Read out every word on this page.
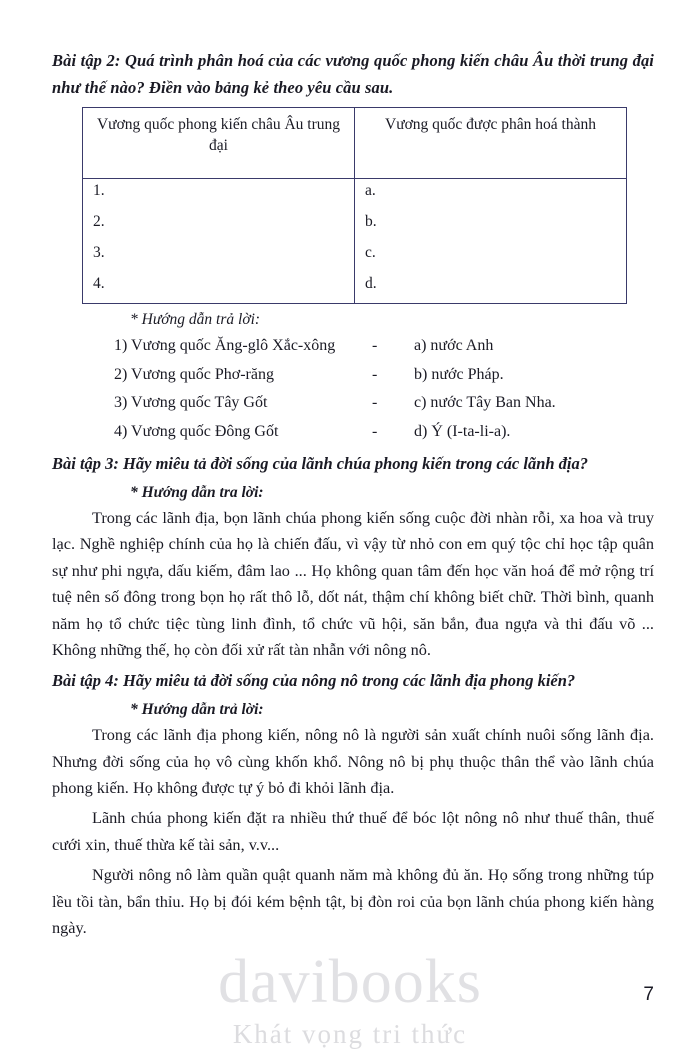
Bài tập 2: Quá trình phân hoá của các vương quốc phong kiến châu Âu thời trung đại như thế nào? Điền vào bảng kẻ theo yêu cầu sau.

Vương quốc phong kiến châu Âu trung đại	Vương quốc được phân hoá thành
1.	a.
2.	b.
3.	c.
4.	d.

* Hướng dẫn trả lời:

1) Vương quốc Ăng-glô Xắc-xông	-	a) nước Anh
2) Vương quốc Phơ-răng	-	b) nước Pháp.
3) Vương quốc Tây Gốt	-	c) nước Tây Ban Nha.
4) Vương quốc Đông Gốt	-	d) Ý (I-ta-li-a).

Bài tập 3: Hãy miêu tả đời sống của lãnh chúa phong kiến trong các lãnh địa?

* Hướng dẫn tra lời:

Trong các lãnh địa, bọn lãnh chúa phong kiến sống cuộc đời nhàn rỗi, xa hoa và truy lạc. Nghề nghiệp chính của họ là chiến đấu, vì vậy từ nhỏ con em quý tộc chỉ học tập quân sự như phi ngựa, dấu kiếm, đâm lao ... Họ không quan tâm đến học văn hoá để mở rộng trí tuệ nên số đông trong bọn họ rất thô lỗ, dốt nát, thậm chí không biết chữ. Thời bình, quanh năm họ tổ chức tiệc tùng linh đình, tổ chức vũ hội, săn bắn, đua ngựa và thi đấu võ ... Không những thế, họ còn đối xử rất tàn nhẫn với nông nô.

Bài tập 4: Hãy miêu tả đời sống của nông nô trong các lãnh địa phong kiến?

* Hướng dẫn trả lời:

Trong các lãnh địa phong kiến, nông nô là người sản xuất chính nuôi sống lãnh địa. Nhưng đời sống của họ vô cùng khốn khổ. Nông nô bị phụ thuộc thân thể vào lãnh chúa phong kiến. Họ không được tự ý bỏ đi khỏi lãnh địa.

Lãnh chúa phong kiến đặt ra nhiều thứ thuế để bóc lột nông nô như thuế thân, thuế cưới xin, thuế thừa kế tài sản, v.v...

Người nông nô làm quần quật quanh năm mà không đủ ăn. Họ sống trong những túp lều tồi tàn, bẩn thỉu. Họ bị đói kém bệnh tật, bị đòn roi của bọn lãnh chúa phong kiến hàng ngày.

davibooks
Khát vọng tri thức
7
